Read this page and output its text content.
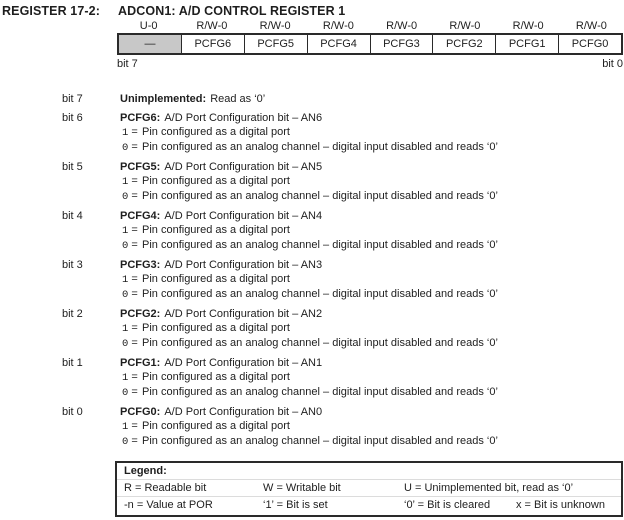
REGISTER 17-2:	ADCON1: A/D CONTROL REGISTER 1
U-0	R/W-0	R/W-0	R/W-0	R/W-0	R/W-0	R/W-0	R/W-0
—	PCFG6	PCFG5	PCFG4	PCFG3	PCFG2	PCFG1	PCFG0
bit 7	bit 0
bit 7	Unimplemented: Read as ‘0’
bit 6	PCFG6: A/D Port Configuration bit – AN6
1 = Pin configured as a digital port
0 = Pin configured as an analog channel – digital input disabled and reads ‘0’
bit 5	PCFG5: A/D Port Configuration bit – AN5
1 = Pin configured as a digital port
0 = Pin configured as an analog channel – digital input disabled and reads ‘0’
bit 4	PCFG4: A/D Port Configuration bit – AN4
1 = Pin configured as a digital port
0 = Pin configured as an analog channel – digital input disabled and reads ‘0’
bit 3	PCFG3: A/D Port Configuration bit – AN3
1 = Pin configured as a digital port
0 = Pin configured as an analog channel – digital input disabled and reads ‘0’
bit 2	PCFG2: A/D Port Configuration bit – AN2
1 = Pin configured as a digital port
0 = Pin configured as an analog channel – digital input disabled and reads ‘0’
bit 1	PCFG1: A/D Port Configuration bit – AN1
1 = Pin configured as a digital port
0 = Pin configured as an analog channel – digital input disabled and reads ‘0’
bit 0	PCFG0: A/D Port Configuration bit – AN0
1 = Pin configured as a digital port
0 = Pin configured as an analog channel – digital input disabled and reads ‘0’
Legend:
R = Readable bit	W = Writable bit	U = Unimplemented bit, read as ‘0’
-n = Value at POR	‘1’ = Bit is set	‘0’ = Bit is cleared	x = Bit is unknown
